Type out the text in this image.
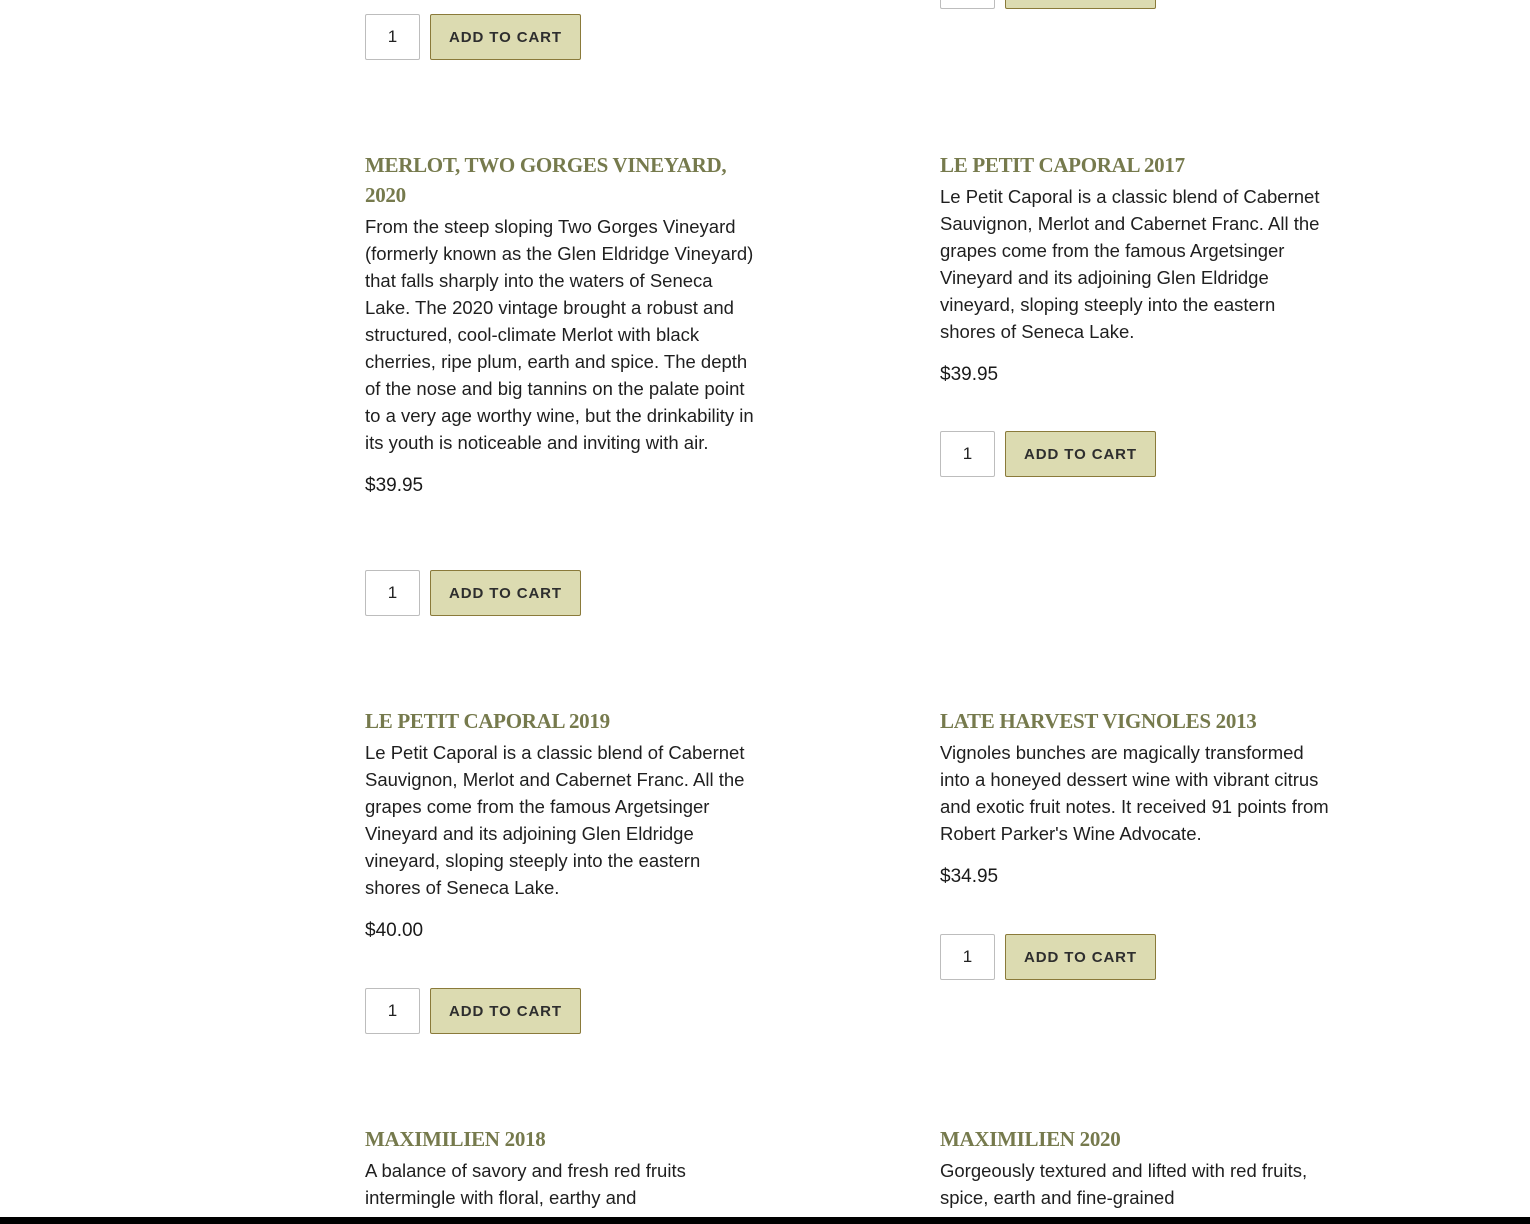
1
ADD TO CART
MERLOT, TWO GORGES VINEYARD, 2020

From the steep sloping Two Gorges Vineyard (formerly known as the Glen Eldridge Vineyard) that falls sharply into the waters of Seneca Lake. The 2020 vintage brought a robust and structured, cool-climate Merlot with black cherries, ripe plum, earth and spice. The depth of the nose and big tannins on the palate point to a very age worthy wine, but the drinkability in its youth is noticeable and inviting with air.

$39.95
1
ADD TO CART
LE PETIT CAPORAL 2017

Le Petit Caporal is a classic blend of Cabernet Sauvignon, Merlot and Cabernet Franc. All the grapes come from the famous Argetsinger Vineyard and its adjoining Glen Eldridge vineyard, sloping steeply into the eastern shores of Seneca Lake.

$39.95
1
ADD TO CART
LE PETIT CAPORAL 2019

Le Petit Caporal is a classic blend of Cabernet Sauvignon, Merlot and Cabernet Franc. All the grapes come from the famous Argetsinger Vineyard and its adjoining Glen Eldridge vineyard, sloping steeply into the eastern shores of Seneca Lake.

$40.00
1
ADD TO CART
LATE HARVEST VIGNOLES 2013

Vignoles bunches are magically transformed into a honeyed dessert wine with vibrant citrus and exotic fruit notes. It received 91 points from Robert Parker's Wine Advocate.

$34.95
1
ADD TO CART
MAXIMILIEN 2018

A balance of savory and fresh red fruits intermingle with floral, earthy and

MAXIMILIEN 2020

Gorgeously textured and lifted with red fruits, spice, earth and fine-grained
